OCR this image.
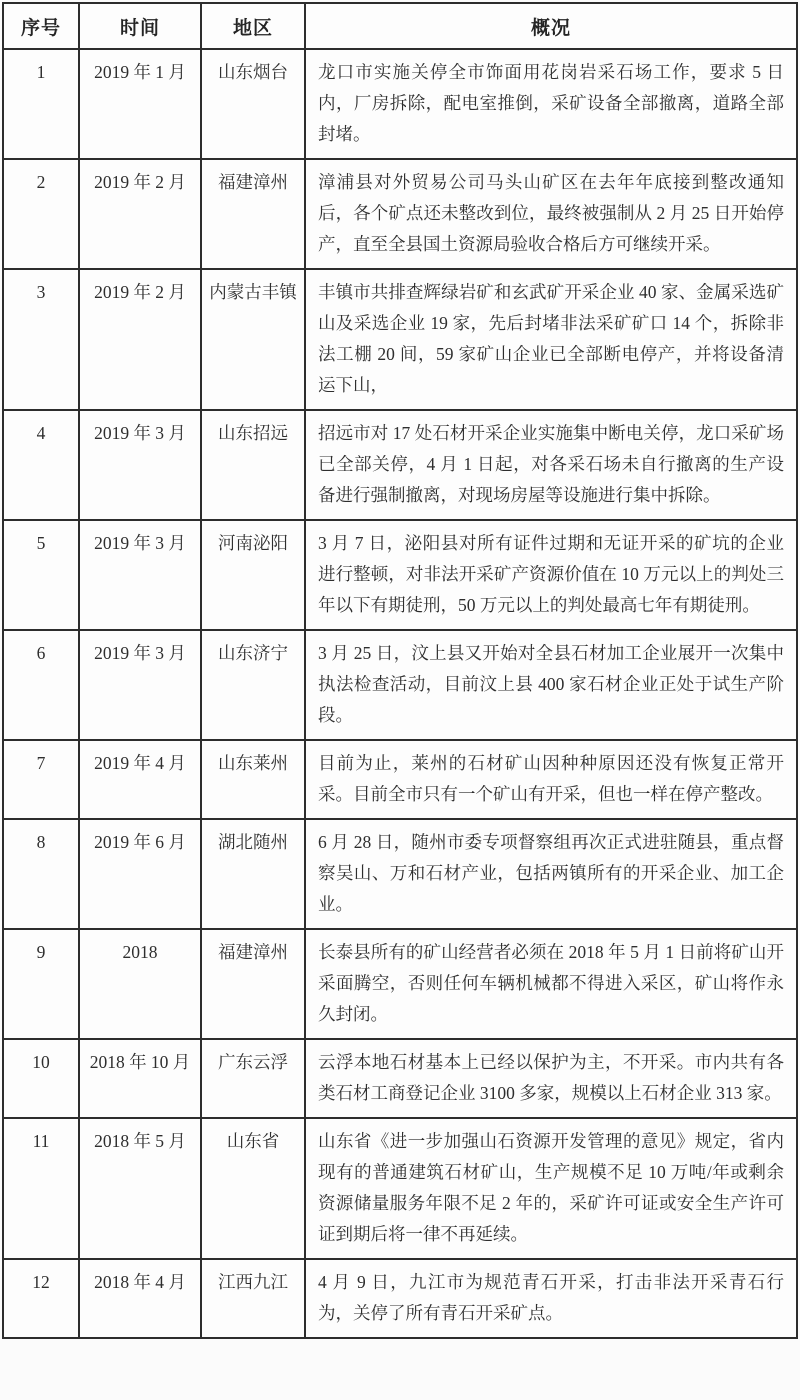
序号	时间	地区	概况
1	2019 年 1 月	山东烟台	龙口市实施关停全市饰面用花岗岩采石场工作，要求 5 日内，厂房拆除，配电室推倒，采矿设备全部撤离，道路全部封堵。
2	2019 年 2 月	福建漳州	漳浦县对外贸易公司马头山矿区在去年年底接到整改通知后，各个矿点还未整改到位，最终被强制从 2 月 25 日开始停产，直至全县国土资源局验收合格后方可继续开采。
3	2019 年 2 月	内蒙古丰镇	丰镇市共排查辉绿岩矿和玄武矿开采企业 40 家、金属采选矿山及采选企业 19 家，先后封堵非法采矿矿口 14 个，拆除非法工棚 20 间，59 家矿山企业已全部断电停产，并将设备清运下山，
4	2019 年 3 月	山东招远	招远市对 17 处石材开采企业实施集中断电关停，龙口采矿场已全部关停，4 月 1 日起，对各采石场未自行撤离的生产设备进行强制撤离，对现场房屋等设施进行集中拆除。
5	2019 年 3 月	河南泌阳	3 月 7 日，泌阳县对所有证件过期和无证开采的矿坑的企业进行整顿，对非法开采矿产资源价值在 10 万元以上的判处三年以下有期徒刑，50 万元以上的判处最高七年有期徒刑。
6	2019 年 3 月	山东济宁	3 月 25 日，汶上县又开始对全县石材加工企业展开一次集中执法检查活动，目前汶上县 400 家石材企业正处于试生产阶段。
7	2019 年 4 月	山东莱州	目前为止，莱州的石材矿山因种种原因还没有恢复正常开采。目前全市只有一个矿山有开采，但也一样在停产整改。
8	2019 年 6 月	湖北随州	6 月 28 日，随州市委专项督察组再次正式进驻随县，重点督察吴山、万和石材产业，包括两镇所有的开采企业、加工企业。
9	2018	福建漳州	长泰县所有的矿山经营者必须在 2018 年 5 月 1 日前将矿山开采面腾空，否则任何车辆机械都不得进入采区，矿山将作永久封闭。
10	2018 年 10 月	广东云浮	云浮本地石材基本上已经以保护为主，不开采。市内共有各类石材工商登记企业 3100 多家，规模以上石材企业 313 家。
11	2018 年 5 月	山东省	山东省《进一步加强山石资源开发管理的意见》规定，省内现有的普通建筑石材矿山，生产规模不足 10 万吨/年或剩余资源储量服务年限不足 2 年的，采矿许可证或安全生产许可证到期后将一律不再延续。
12	2018 年 4 月	江西九江	4 月 9 日，九江市为规范青石开采，打击非法开采青石行为，关停了所有青石开采矿点。
